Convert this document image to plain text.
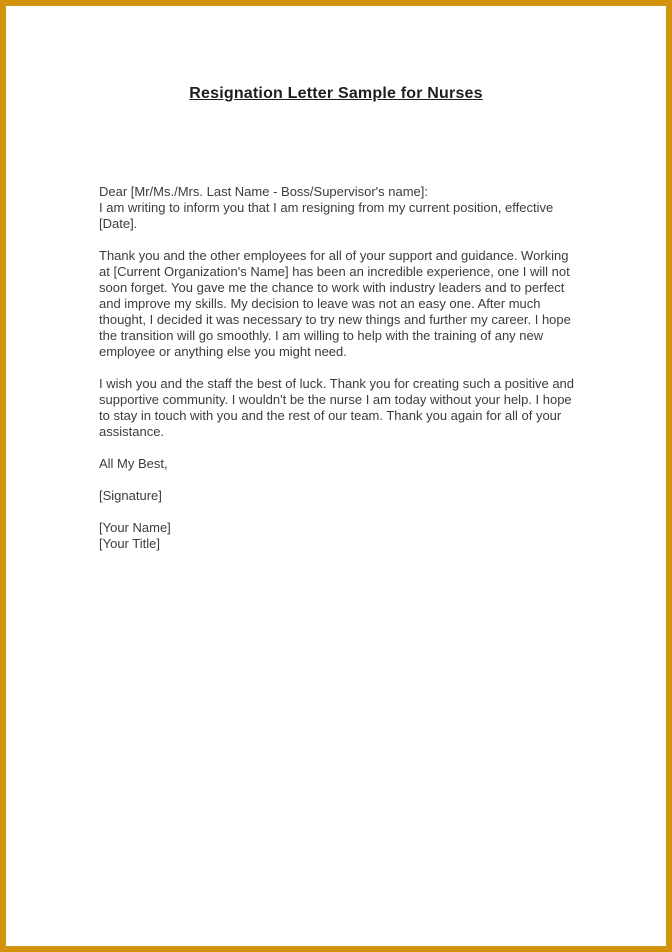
Resignation Letter Sample for Nurses

Dear [Mr/Ms./Mrs. Last Name - Boss/Supervisor's name]:

I am writing to inform you that I am resigning from my current position, effective [Date].

Thank you and the other employees for all of your support and guidance. Working at [Current Organization's Name] has been an incredible experience, one I will not soon forget. You gave me the chance to work with industry leaders and to perfect and improve my skills. My decision to leave was not an easy one. After much thought, I decided it was necessary to try new things and further my career. I hope the transition will go smoothly. I am willing to help with the training of any new employee or anything else you might need.

I wish you and the staff the best of luck. Thank you for creating such a positive and supportive community. I wouldn't be the nurse I am today without your help. I hope to stay in touch with you and the rest of our team. Thank you again for all of your assistance.

All My Best,

[Signature]

[Your Name]

[Your Title]
